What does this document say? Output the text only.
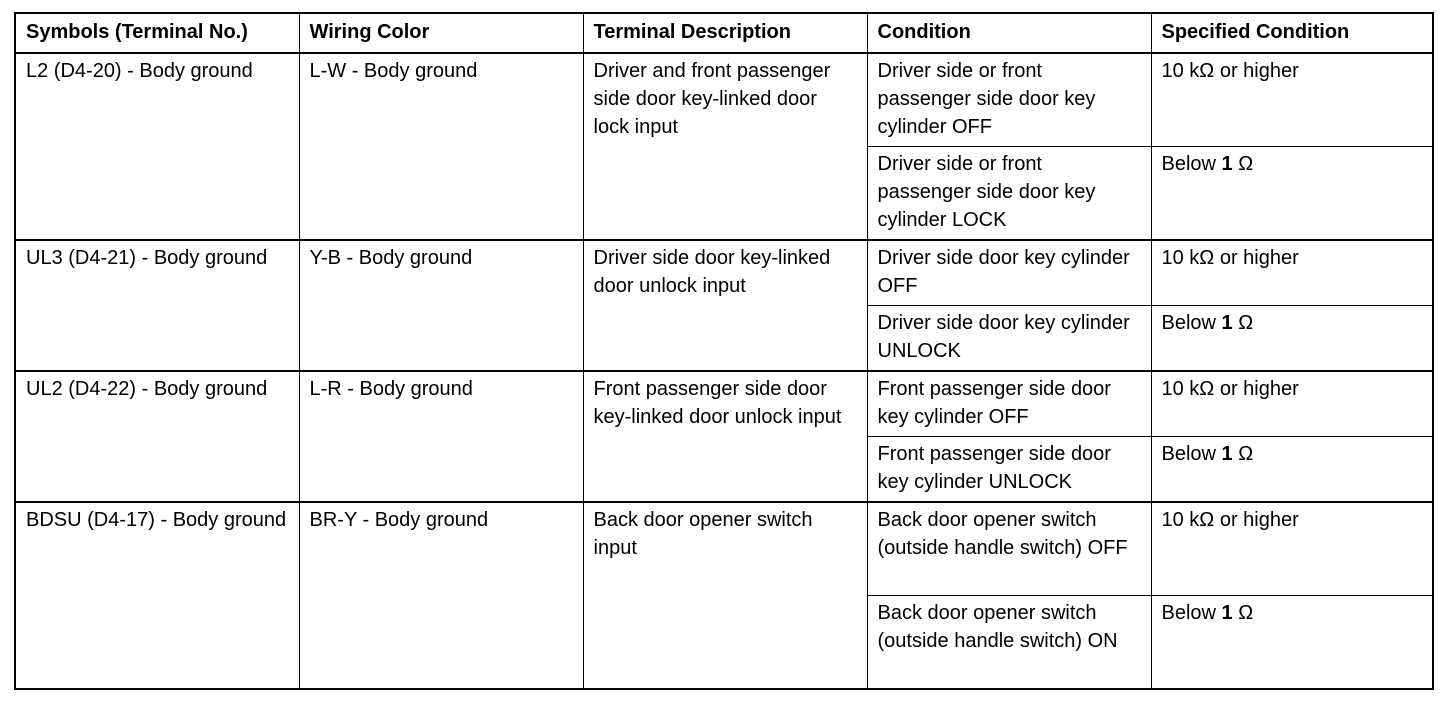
Symbols (Terminal No.)	Wiring Color	Terminal Description	Condition	Specified Condition
L2 (D4-20) - Body ground	L-W - Body ground	Driver and front passenger side door key-linked door lock input	Driver side or front passenger side door key cylinder OFF	10 kΩ or higher
			Driver side or front passenger side door key cylinder LOCK	Below 1 Ω
UL3 (D4-21) - Body ground	Y-B - Body ground	Driver side door key-linked door unlock input	Driver side door key cylinder OFF	10 kΩ or higher
			Driver side door key cylinder UNLOCK	Below 1 Ω
UL2 (D4-22) - Body ground	L-R - Body ground	Front passenger side door key-linked door unlock input	Front passenger side door key cylinder OFF	10 kΩ or higher
			Front passenger side door key cylinder UNLOCK	Below 1 Ω
BDSU (D4-17) - Body ground	BR-Y - Body ground	Back door opener switch input	Back door opener switch (outside handle switch) OFF	10 kΩ or higher
			Back door opener switch (outside handle switch) ON	Below 1 Ω
